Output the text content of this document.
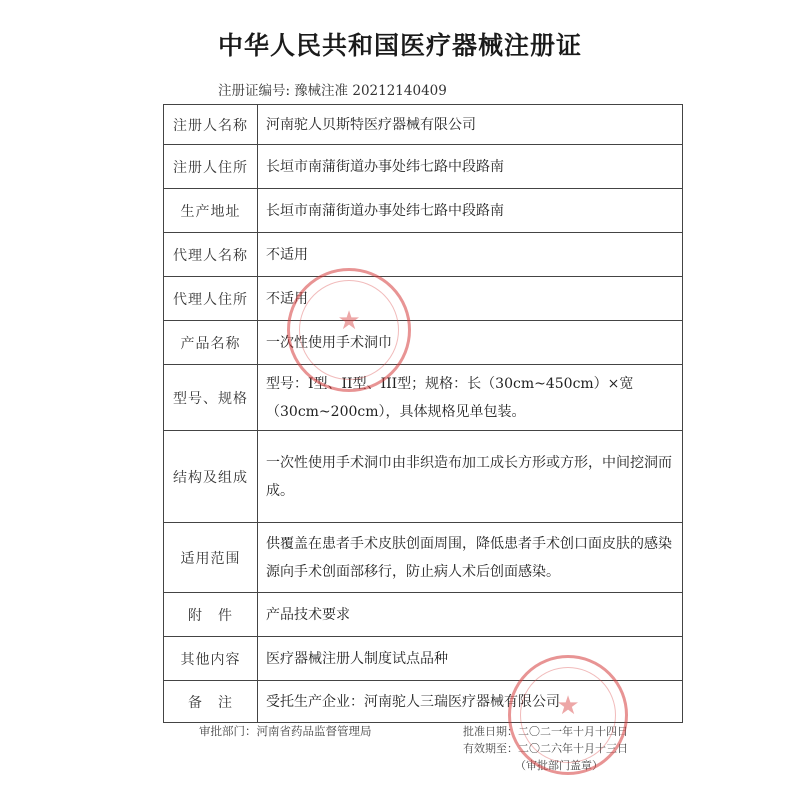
中华人民共和国医疗器械注册证
注册证编号: 豫械注准 20212140409
注册人名称	河南驼人贝斯特医疗器械有限公司
注册人住所	长垣市南蒲街道办事处纬七路中段路南
生产地址	长垣市南蒲街道办事处纬七路中段路南
代理人名称	不适用
代理人住所	不适用
产品名称	一次性使用手术洞巾
型号、规格	型号：I型、II型、III型；规格：长（30cm~450cm）×宽（30cm~200cm），具体规格见单包装。
结构及组成	一次性使用手术洞巾由非织造布加工成长方形或方形，中间挖洞而成。
适用范围	供覆盖在患者手术皮肤创面周围，降低患者手术创口面皮肤的感染源向手术创面部移行，防止病人术后创面感染。
附　件	产品技术要求
其他内容	医疗器械注册人制度试点品种
备　注	受托生产企业：河南驼人三瑞医疗器械有限公司
审批部门：河南省药品监督管理局	批准日期：二〇二一年十月十四日
有效期至：二〇二六年十月十三日
（审批部门盖章）
★
★
